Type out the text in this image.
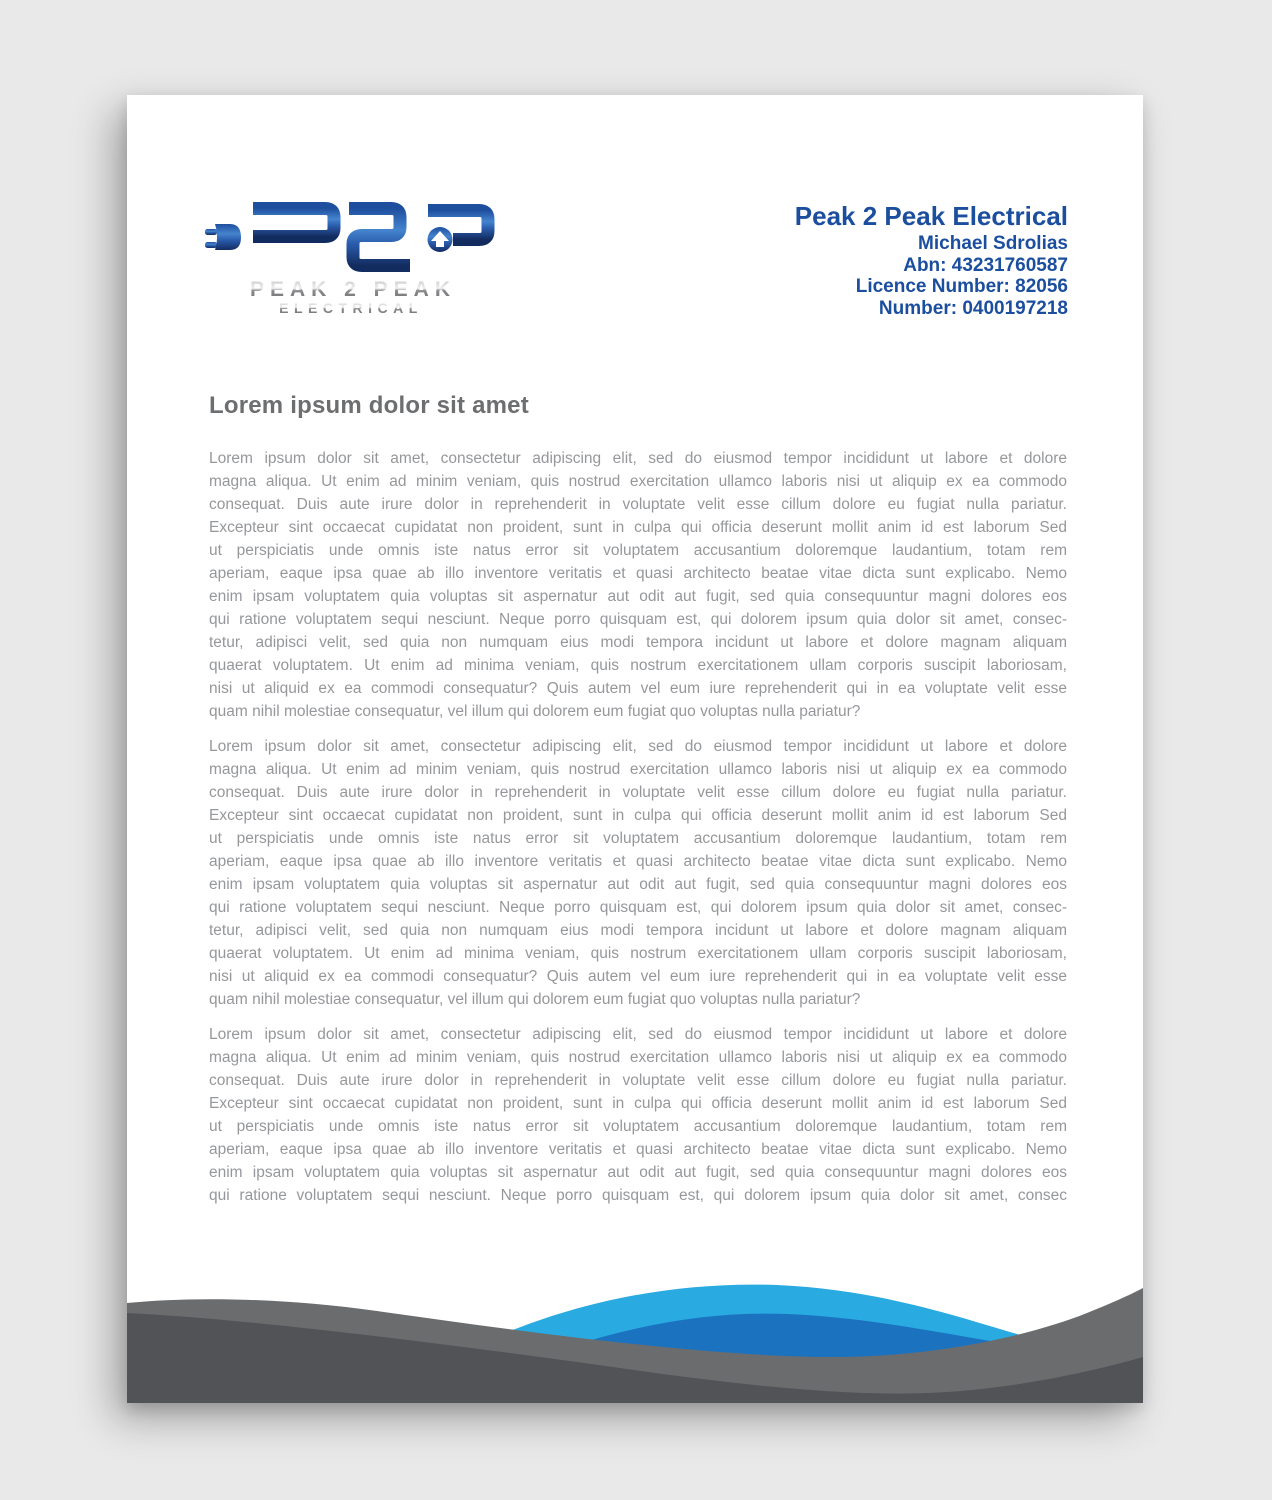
PEAK 2 PEAK
ELECTRICAL
Peak 2 Peak Electrical
Michael Sdrolias
Abn: 43231760587
Licence Number: 82056
Number: 0400197218
Lorem ipsum dolor sit amet
Lorem ipsum dolor sit amet, consectetur adipiscing elit, sed do eiusmod tempor incididunt ut labore et dolore
magna aliqua. Ut enim ad minim veniam, quis nostrud exercitation ullamco laboris nisi ut aliquip ex ea commodo
consequat. Duis aute irure dolor in reprehenderit in voluptate velit esse cillum dolore eu fugiat nulla pariatur.
Excepteur sint occaecat cupidatat non proident, sunt in culpa qui officia deserunt mollit anim id est laborum Sed
ut perspiciatis unde omnis iste natus error sit voluptatem accusantium doloremque laudantium, totam rem
aperiam, eaque ipsa quae ab illo inventore veritatis et quasi architecto beatae vitae dicta sunt explicabo. Nemo
enim ipsam voluptatem quia voluptas sit aspernatur aut odit aut fugit, sed quia consequuntur magni dolores eos
qui ratione voluptatem sequi nesciunt. Neque porro quisquam est, qui dolorem ipsum quia dolor sit amet, consec-
tetur, adipisci velit, sed quia non numquam eius modi tempora incidunt ut labore et dolore magnam aliquam
quaerat voluptatem. Ut enim ad minima veniam, quis nostrum exercitationem ullam corporis suscipit laboriosam,
nisi ut aliquid ex ea commodi consequatur? Quis autem vel eum iure reprehenderit qui in ea voluptate velit esse
quam nihil molestiae consequatur, vel illum qui dolorem eum fugiat quo voluptas nulla pariatur?
Lorem ipsum dolor sit amet, consectetur adipiscing elit, sed do eiusmod tempor incididunt ut labore et dolore
magna aliqua. Ut enim ad minim veniam, quis nostrud exercitation ullamco laboris nisi ut aliquip ex ea commodo
consequat. Duis aute irure dolor in reprehenderit in voluptate velit esse cillum dolore eu fugiat nulla pariatur.
Excepteur sint occaecat cupidatat non proident, sunt in culpa qui officia deserunt mollit anim id est laborum Sed
ut perspiciatis unde omnis iste natus error sit voluptatem accusantium doloremque laudantium, totam rem
aperiam, eaque ipsa quae ab illo inventore veritatis et quasi architecto beatae vitae dicta sunt explicabo. Nemo
enim ipsam voluptatem quia voluptas sit aspernatur aut odit aut fugit, sed quia consequuntur magni dolores eos
qui ratione voluptatem sequi nesciunt. Neque porro quisquam est, qui dolorem ipsum quia dolor sit amet, consec-
tetur, adipisci velit, sed quia non numquam eius modi tempora incidunt ut labore et dolore magnam aliquam
quaerat voluptatem. Ut enim ad minima veniam, quis nostrum exercitationem ullam corporis suscipit laboriosam,
nisi ut aliquid ex ea commodi consequatur? Quis autem vel eum iure reprehenderit qui in ea voluptate velit esse
quam nihil molestiae consequatur, vel illum qui dolorem eum fugiat quo voluptas nulla pariatur?
Lorem ipsum dolor sit amet, consectetur adipiscing elit, sed do eiusmod tempor incididunt ut labore et dolore
magna aliqua. Ut enim ad minim veniam, quis nostrud exercitation ullamco laboris nisi ut aliquip ex ea commodo
consequat. Duis aute irure dolor in reprehenderit in voluptate velit esse cillum dolore eu fugiat nulla pariatur.
Excepteur sint occaecat cupidatat non proident, sunt in culpa qui officia deserunt mollit anim id est laborum Sed
ut perspiciatis unde omnis iste natus error sit voluptatem accusantium doloremque laudantium, totam rem
aperiam, eaque ipsa quae ab illo inventore veritatis et quasi architecto beatae vitae dicta sunt explicabo. Nemo
enim ipsam voluptatem quia voluptas sit aspernatur aut odit aut fugit, sed quia consequuntur magni dolores eos
qui ratione voluptatem sequi nesciunt. Neque porro quisquam est, qui dolorem ipsum quia dolor sit amet, consec
